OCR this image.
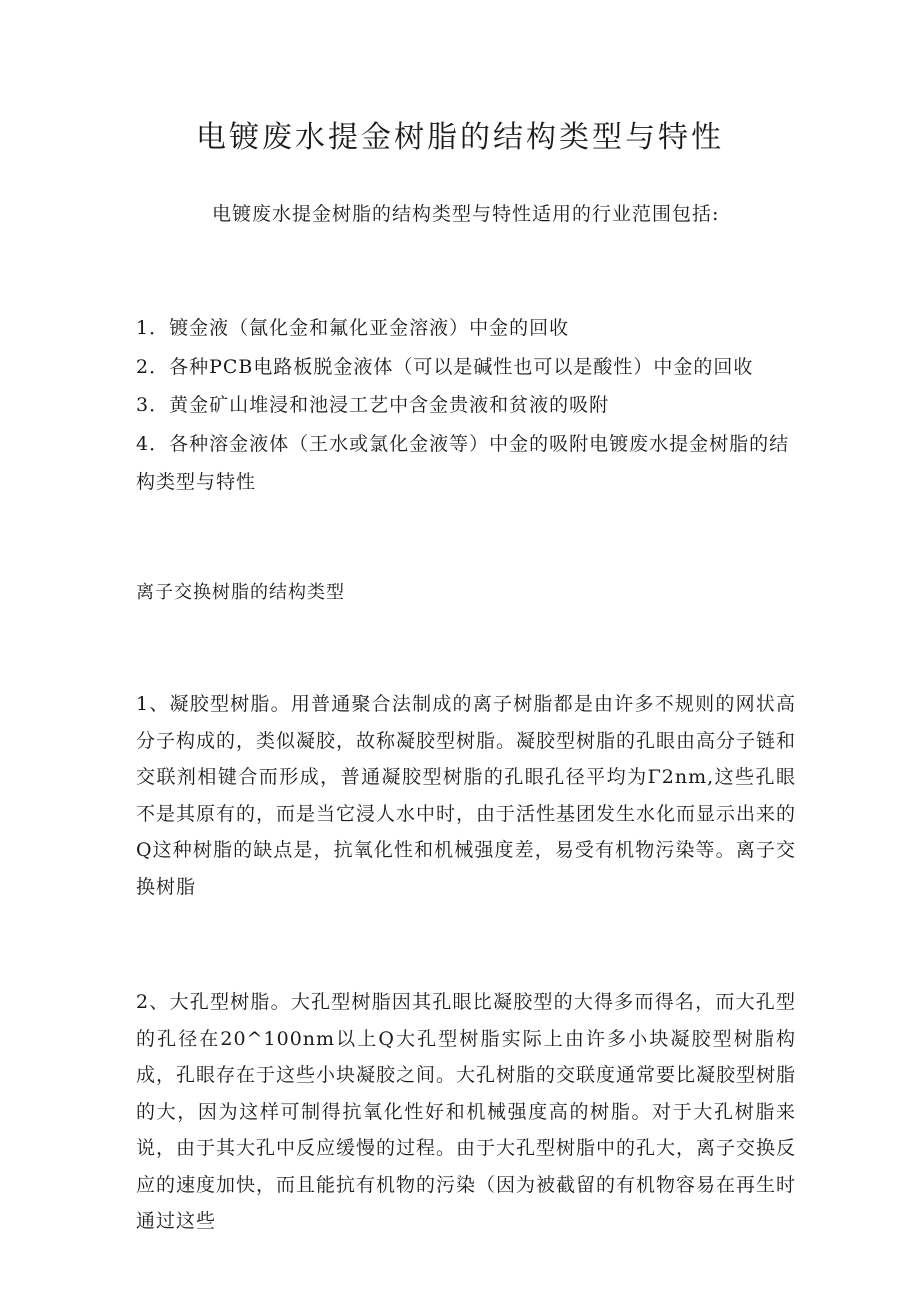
电镀废水提金树脂的结构类型与特性

电镀废水提金树脂的结构类型与特性适用的行业范围包括:

1．镀金液（氤化金和氟化亚金溶液）中金的回收
2．各种PCB电路板脱金液体（可以是碱性也可以是酸性）中金的回收
3．黄金矿山堆浸和池浸工艺中含金贵液和贫液的吸附
4．各种溶金液体（王水或氯化金液等）中金的吸附电镀废水提金树脂的结构类型与特性

离子交换树脂的结构类型

1、凝胶型树脂。用普通聚合法制成的离子树脂都是由许多不规则的网状高分子构成的，类似凝胶，故称凝胶型树脂。凝胶型树脂的孔眼由高分子链和交联剂相键合而形成，普通凝胶型树脂的孔眼孔径平均为Γ2nm,这些孔眼不是其原有的，而是当它浸人水中时，由于活性基团发生水化而显示出来的Q这种树脂的缺点是，抗氧化性和机械强度差，易受有机物污染等。离子交换树脂

2、大孔型树脂。大孔型树脂因其孔眼比凝胶型的大得多而得名，而大孔型的孔径在20^100nm以上Q大孔型树脂实际上由许多小块凝胶型树脂构成，孔眼存在于这些小块凝胶之间。大孔树脂的交联度通常要比凝胶型树脂的大，因为这样可制得抗氧化性好和机械强度高的树脂。对于大孔树脂来说，由于其大孔中反应缓慢的过程。由于大孔型树脂中的孔大，离子交换反应的速度加快，而且能抗有机物的污染（因为被截留的有机物容易在再生时通过这些
